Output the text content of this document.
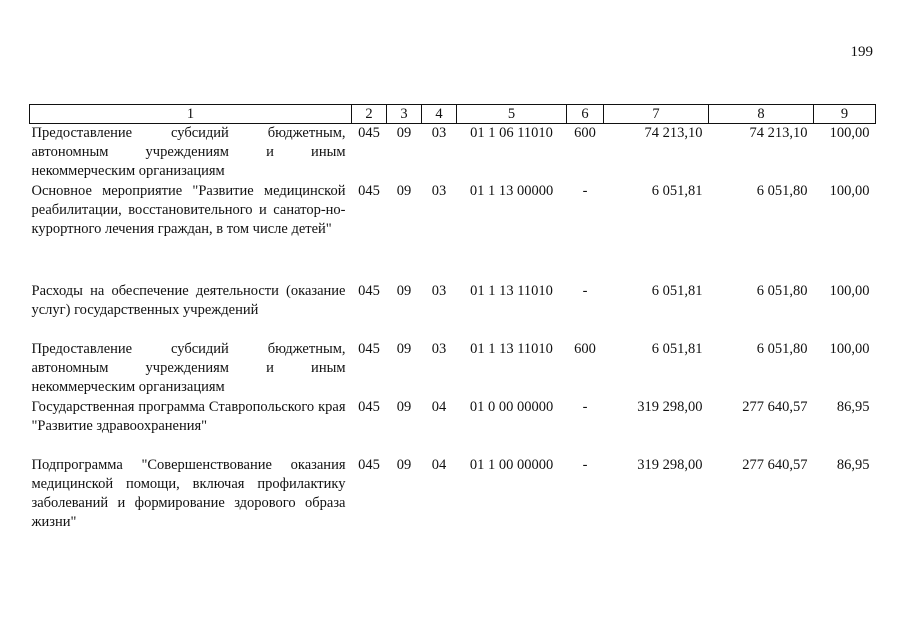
199
1	2	3	4	5	6	7	8	9
Предоставление субсидий бюджетным, автономным учреждениям и иным некоммерческим организациям	045	09	03	01 1 06 11010	600	74 213,10	74 213,10	100,00
Основное мероприятие "Развитие медицинской реабилитации, восстановительного и санатор-но-курортного лечения граждан, в том числе детей"	045	09	03	01 1 13 00000	-	6 051,81	6 051,80	100,00
Расходы на обеспечение деятельности (оказание услуг) государственных учреждений	045	09	03	01 1 13 11010	-	6 051,81	6 051,80	100,00
Предоставление субсидий бюджетным, автономным учреждениям и иным некоммерческим организациям	045	09	03	01 1 13 11010	600	6 051,81	6 051,80	100,00
Государственная программа Ставропольского края "Развитие здравоохранения"	045	09	04	01 0 00 00000	-	319 298,00	277 640,57	86,95
Подпрограмма "Совершенствование оказания медицинской помощи, включая профилактику заболеваний и формирование здорового образа жизни"	045	09	04	01 1 00 00000	-	319 298,00	277 640,57	86,95
